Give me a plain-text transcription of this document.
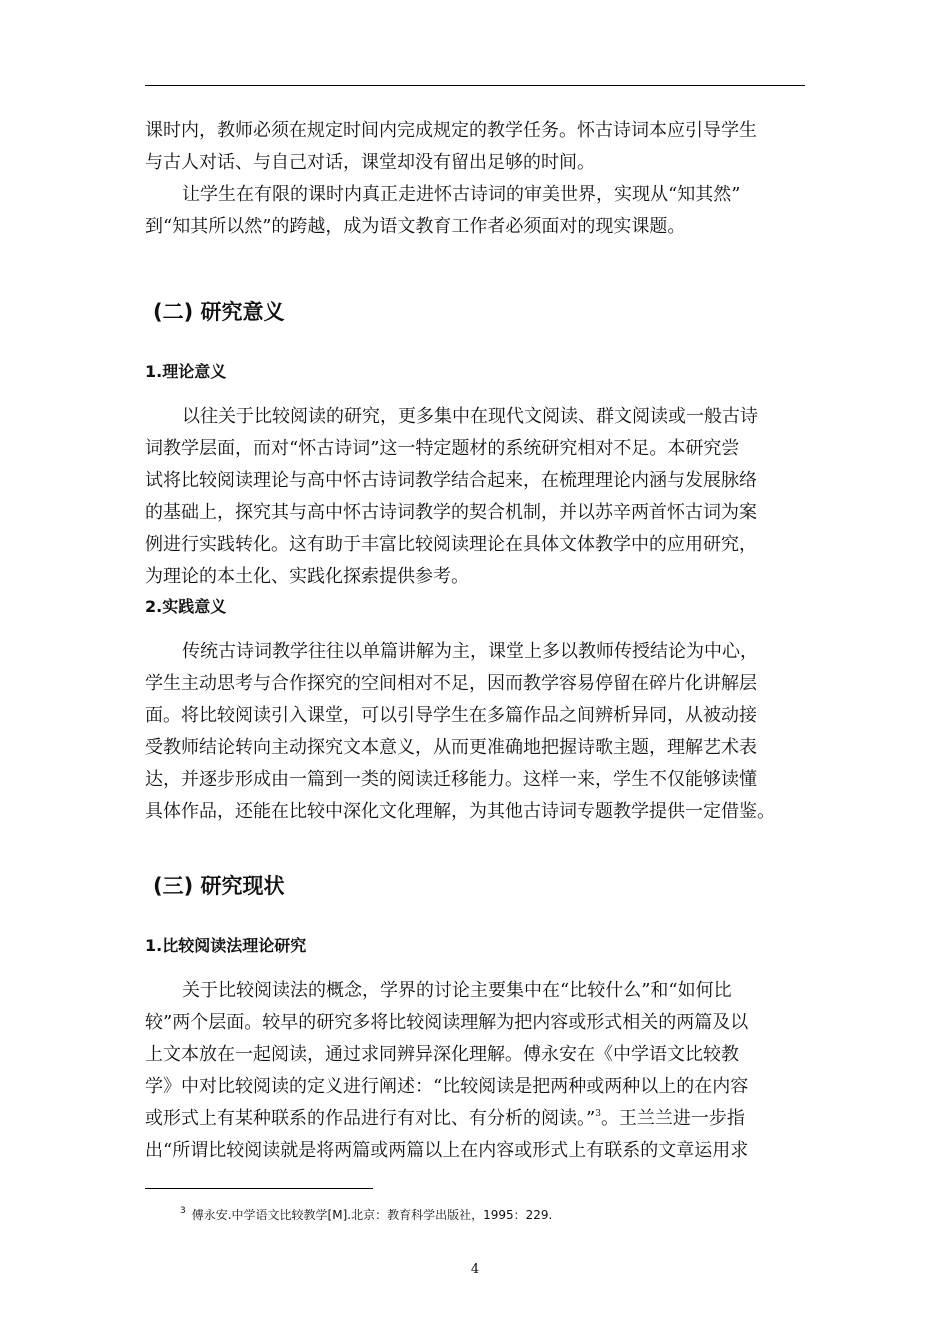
课时内，教师必须在规定时间内完成规定的教学任务。怀古诗词本应引导学生
与古人对话、与自己对话，课堂却没有留出足够的时间。

让学生在有限的课时内真正走进怀古诗词的审美世界，实现从“知其然”
到“知其所以然”的跨越，成为语文教育工作者必须面对的现实课题。

(二) 研究意义
1.理论意义

以往关于比较阅读的研究，更多集中在现代文阅读、群文阅读或一般古诗
词教学层面，而对“怀古诗词”这一特定题材的系统研究相对不足。本研究尝
试将比较阅读理论与高中怀古诗词教学结合起来，在梳理理论内涵与发展脉络
的基础上，探究其与高中怀古诗词教学的契合机制，并以苏辛两首怀古词为案
例进行实践转化。这有助于丰富比较阅读理论在具体文体教学中的应用研究，
为理论的本土化、实践化探索提供参考。

2.实践意义

传统古诗词教学往往以单篇讲解为主，课堂上多以教师传授结论为中心，
学生主动思考与合作探究的空间相对不足，因而教学容易停留在碎片化讲解层
面。将比较阅读引入课堂，可以引导学生在多篇作品之间辨析异同，从被动接
受教师结论转向主动探究文本意义，从而更准确地把握诗歌主题，理解艺术表
达，并逐步形成由一篇到一类的阅读迁移能力。这样一来，学生不仅能够读懂
具体作品，还能在比较中深化文化理解，为其他古诗词专题教学提供一定借鉴。

(三) 研究现状
1.比较阅读法理论研究

关于比较阅读法的概念，学界的讨论主要集中在“比较什么”和“如何比
较”两个层面。较早的研究多将比较阅读理解为把内容或形式相关的两篇及以
上文本放在一起阅读，通过求同辨异深化理解。傅永安在《中学语文比较教
学》中对比较阅读的定义进行阐述：“比较阅读是把两种或两种以上的在内容
或形式上有某种联系的作品进行有对比、有分析的阅读。”$^3$。王兰兰进一步指
出“所谓比较阅读就是将两篇或两篇以上在内容或形式上有联系的文章运用求

$^3$ 傅永安.中学语文比较教学[M].北京：教育科学出版社，1995：229.
4
